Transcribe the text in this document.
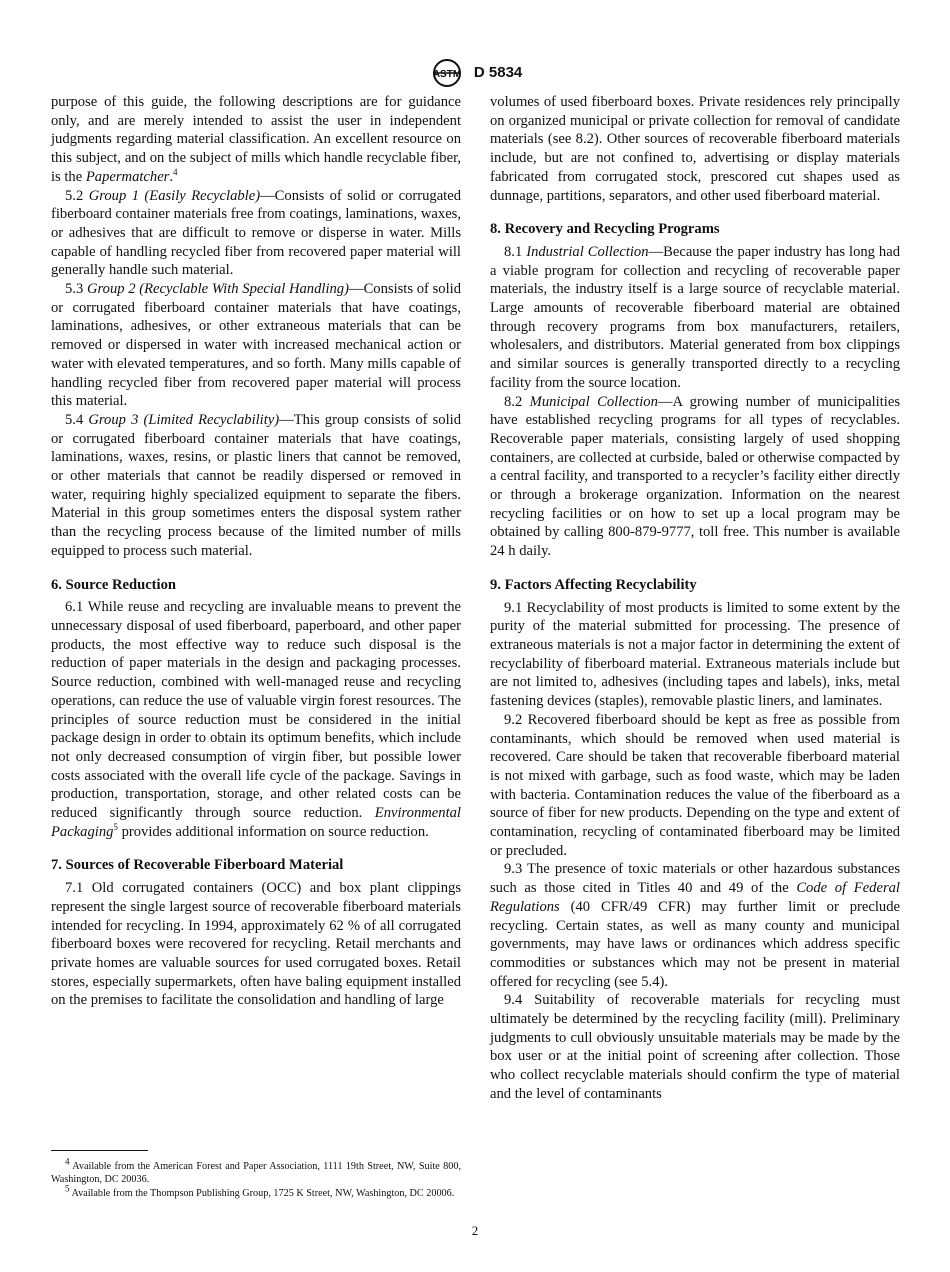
ASTM D 5834

purpose of this guide, the following descriptions are for guidance only, and are merely intended to assist the user in independent judgments regarding material classification. An excellent resource on this subject, and on the subject of mills which handle recyclable fiber, is the Papermatcher.$^4$

5.2 Group 1 (Easily Recyclable)—Consists of solid or corrugated fiberboard container materials free from coatings, laminations, waxes, or adhesives that are difficult to remove or disperse in water. Mills capable of handling recycled fiber from recovered paper material will generally handle such material.

5.3 Group 2 (Recyclable With Special Handling)—Consists of solid or corrugated fiberboard container materials that have coatings, laminations, adhesives, or other extraneous materials that can be removed or dispersed in water with increased mechanical action or water with elevated temperatures, and so forth. Many mills capable of handling recycled fiber from recovered paper material will process this material.

5.4 Group 3 (Limited Recyclability)—This group consists of solid or corrugated fiberboard container materials that have coatings, laminations, waxes, resins, or plastic liners that cannot be removed, or other materials that cannot be readily dispersed or removed in water, requiring highly specialized equipment to separate the fibers. Material in this group sometimes enters the disposal system rather than the recycling process because of the limited number of mills equipped to process such material.

6. Source Reduction

6.1 While reuse and recycling are invaluable means to prevent the unnecessary disposal of used fiberboard, paperboard, and other paper products, the most effective way to reduce such disposal is the reduction of paper materials in the design and packaging processes. Source reduction, combined with well-managed reuse and recycling operations, can reduce the use of valuable virgin forest resources. The principles of source reduction must be considered in the initial package design in order to obtain its optimum benefits, which include not only decreased consumption of virgin fiber, but possible lower costs associated with the overall life cycle of the package. Savings in production, transportation, storage, and other related costs can be reduced significantly through source reduction. Environmental Packaging$^5$ provides additional information on source reduction.

7. Sources of Recoverable Fiberboard Material

7.1 Old corrugated containers (OCC) and box plant clippings represent the single largest source of recoverable fiberboard materials intended for recycling. In 1994, approximately 62 % of all corrugated fiberboard boxes were recovered for recycling. Retail merchants and private homes are valuable sources for used corrugated boxes. Retail stores, especially supermarkets, often have baling equipment installed on the premises to facilitate the consolidation and handling of large

volumes of used fiberboard boxes. Private residences rely principally on organized municipal or private collection for removal of candidate materials (see 8.2). Other sources of recoverable fiberboard materials include, but are not confined to, advertising or display materials fabricated from corrugated stock, prescored cut shapes used as dunnage, partitions, separators, and other used fiberboard material.

8. Recovery and Recycling Programs

8.1 Industrial Collection—Because the paper industry has long had a viable program for collection and recycling of recoverable paper materials, the industry itself is a large source of recyclable material. Large amounts of recoverable fiberboard material are obtained through recovery programs from box manufacturers, retailers, wholesalers, and distributors. Material generated from box clippings and similar sources is generally transported directly to a recycling facility from the source location.

8.2 Municipal Collection—A growing number of municipalities have established recycling programs for all types of recyclables. Recoverable paper materials, consisting largely of used shopping containers, are collected at curbside, baled or otherwise compacted by a central facility, and transported to a recycler’s facility either directly or through a brokerage organization. Information on the nearest recycling facilities or on how to set up a local program may be obtained by calling 800-879-9777, toll free. This number is available 24 h daily.

9. Factors Affecting Recyclability

9.1 Recyclability of most products is limited to some extent by the purity of the material submitted for processing. The presence of extraneous materials is not a major factor in determining the extent of recyclability of fiberboard material. Extraneous materials include but are not limited to, adhesives (including tapes and labels), inks, metal fastening devices (staples), removable plastic liners, and laminates.

9.2 Recovered fiberboard should be kept as free as possible from contaminants, which should be removed when used material is recovered. Care should be taken that recoverable fiberboard material is not mixed with garbage, such as food waste, which may be laden with bacteria. Contamination reduces the value of the fiberboard as a source of fiber for new products. Depending on the type and extent of contamination, recycling of contaminated fiberboard may be limited or precluded.

9.3 The presence of toxic materials or other hazardous substances such as those cited in Titles 40 and 49 of the Code of Federal Regulations (40 CFR/49 CFR) may further limit or preclude recycling. Certain states, as well as many county and municipal governments, may have laws or ordinances which address specific commodities or substances which may not be present in material offered for recycling (see 5.4).

9.4 Suitability of recoverable materials for recycling must ultimately be determined by the recycling facility (mill). Preliminary judgments to cull obviously unsuitable materials may be made by the box user or at the initial point of screening after collection. Those who collect recyclable materials should confirm the type of material and the level of contaminants

$^4$ Available from the American Forest and Paper Association, 1111 19th Street, NW, Suite 800, Washington, DC 20036.

$^5$ Available from the Thompson Publishing Group, 1725 K Street, NW, Washington, DC 20006.

2
